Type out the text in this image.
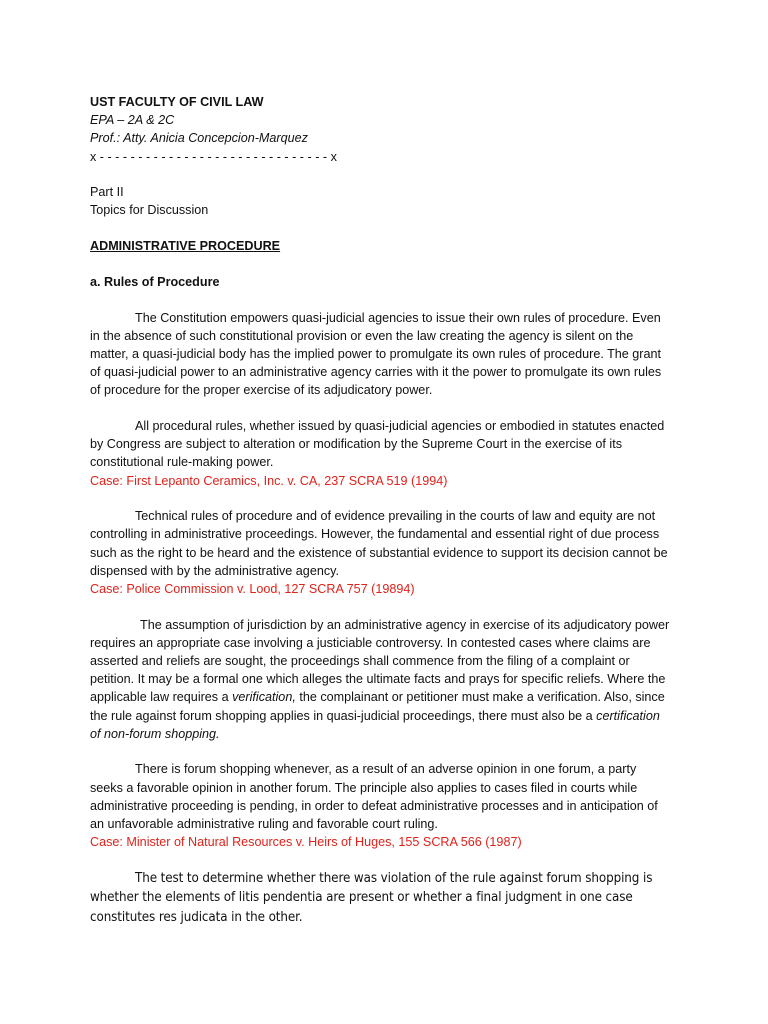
UST FACULTY OF CIVIL LAW
EPA – 2A & 2C
Prof.: Atty. Anicia Concepcion-Marquez
x - - - - - - - - - - - - - - - - - - - - - - - - - - - - - - x
Part II
Topics for Discussion
ADMINISTRATIVE PROCEDURE
a. Rules of Procedure
The Constitution empowers quasi-judicial agencies to issue their own rules of procedure. Even
in the absence of such constitutional provision or even the law creating the agency is silent on the
matter, a quasi-judicial body has the implied power to promulgate its own rules of procedure. The grant
of quasi-judicial power to an administrative agency carries with it the power to promulgate its own rules
of procedure for the proper exercise of its adjudicatory power.
All procedural rules, whether issued by quasi-judicial agencies or embodied in statutes enacted
by Congress are subject to alteration or modification by the Supreme Court in the exercise of its
constitutional rule-making power.
Case: First Lepanto Ceramics, Inc. v. CA, 237 SCRA 519 (1994)
Technical rules of procedure and of evidence prevailing in the courts of law and equity are not
controlling in administrative proceedings. However, the fundamental and essential right of due process
such as the right to be heard and the existence of substantial evidence to support its decision cannot be
dispensed with by the administrative agency.
Case: Police Commission v. Lood, 127 SCRA 757 (19894)
The assumption of jurisdiction by an administrative agency in exercise of its adjudicatory power
requires an appropriate case involving a justiciable controversy. In contested cases where claims are
asserted and reliefs are sought, the proceedings shall commence from the filing of a complaint or
petition. It may be a formal one which alleges the ultimate facts and prays for specific reliefs. Where the
applicable law requires a verification, the complainant or petitioner must make a verification. Also, since
the rule against forum shopping applies in quasi-judicial proceedings, there must also be a certification
of non-forum shopping.
There is forum shopping whenever, as a result of an adverse opinion in one forum, a party
seeks a favorable opinion in another forum. The principle also applies to cases filed in courts while
administrative proceeding is pending, in order to defeat administrative processes and in anticipation of
an unfavorable administrative ruling and favorable court ruling.
Case: Minister of Natural Resources v. Heirs of Huges, 155 SCRA 566 (1987)
The test to determine whether there was violation of the rule against forum shopping is
whether the elements of litis pendentia are present or whether a final judgment in one case
constitutes res judicata in the other.
